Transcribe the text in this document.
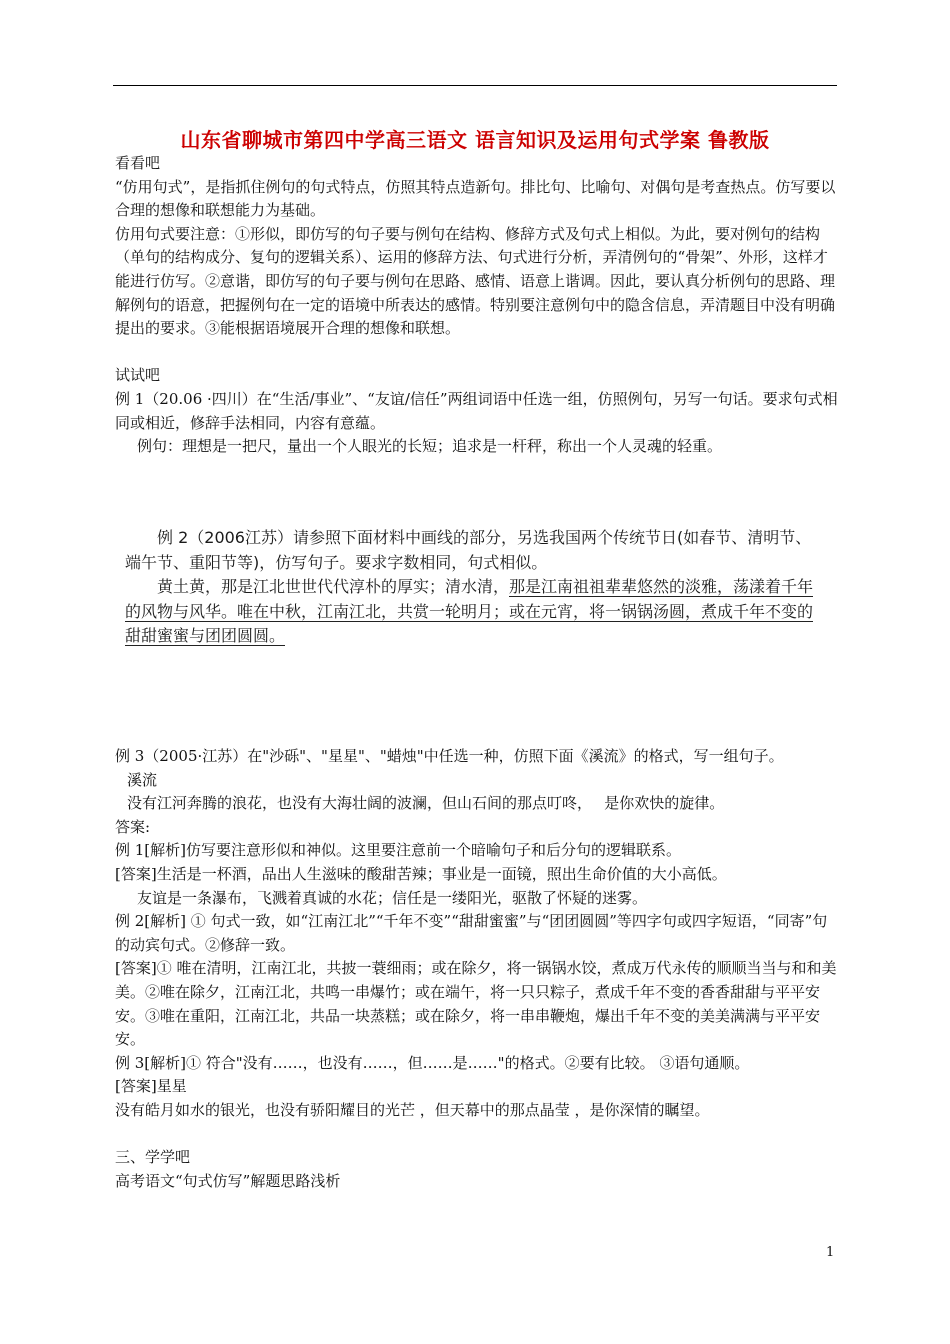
山东省聊城市第四中学高三语文 语言知识及运用句式学案 鲁教版

看看吧

“仿用句式”，是指抓住例句的句式特点，仿照其特点造新句。排比句、比喻句、对偶句是考查热点。仿写要以合理的想像和联想能力为基础。

仿用句式要注意：①形似，即仿写的句子要与例句在结构、修辞方式及句式上相似。为此，要对例句的结构（单句的结构成分、复句的逻辑关系）、运用的修辞方法、句式进行分析，弄清例句的“骨架”、外形，这样才能进行仿写。②意谐，即仿写的句子要与例句在思路、感情、语意上谐调。因此，要认真分析例句的思路、理解例句的语意，把握例句在一定的语境中所表达的感情。特别要注意例句中的隐含信息，弄清题目中没有明确提出的要求。③能根据语境展开合理的想像和联想。

试试吧

例 1（20.06 ·四川）在“生活/事业”、“友谊/信任”两组词语中任选一组，仿照例句，另写一句话。要求句式相同或相近，修辞手法相同，内容有意蕴。

例句：理想是一把尺，量出一个人眼光的长短；追求是一杆秤，称出一个人灵魂的轻重。

例 2（2006江苏）请参照下面材料中画线的部分，另选我国两个传统节日(如春节、清明节、

端午节、重阳节等)，仿写句子。要求字数相同，句式相似。

黄土黄，那是江北世世代代淳朴的厚实；清水清，那是江南祖祖辈辈悠然的淡雅，荡漾着千年

的风物与风华。唯在中秋，江南江北，共赏一轮明月；或在元宵，将一锅锅汤圆，煮成千年不变的

甜甜蜜蜜与团团圆圆。

例 3（2005·江苏）在"沙砾"、"星星"、"蜡烛"中任选一种，仿照下面《溪流》的格式，写一组句子。

溪流

没有江河奔腾的浪花，也没有大海壮阔的波澜，但山石间的那点叮咚，　 是你欢快的旋律。

答案:

例 1[解析]仿写要注意形似和神似。这里要注意前一个暗喻句子和后分句的逻辑联系。

[答案]生活是一杯酒，品出人生滋味的酸甜苦辣；事业是一面镜，照出生命价值的大小高低。

友谊是一条瀑布，飞溅着真诚的水花；信任是一缕阳光，驱散了怀疑的迷雾。

例 2[解析] ① 句式一致，如“江南江北”“千年不变”“甜甜蜜蜜”与“团团圆圆”等四字句或四字短语，“同寄”句的动宾句式。②修辞一致。

[答案]① 唯在清明，江南江北，共披一蓑细雨；或在除夕，将一锅锅水饺，煮成万代永传的顺顺当当与和和美美。②唯在除夕，江南江北，共鸣一串爆竹；或在端午，将一只只粽子，煮成千年不变的香香甜甜与平平安安。③唯在重阳，江南江北，共品一块蒸糕；或在除夕，将一串串鞭炮，爆出千年不变的美美满满与平平安安。

例 3[解析]① 符合"没有……，也没有……，但……是……"的格式。②要有比较。 ③语句通顺。

[答案]星星

没有皓月如水的银光，也没有骄阳耀目的光芒 ，但天幕中的那点晶莹 ，是你深情的瞩望。

三、学学吧

高考语文“句式仿写”解题思路浅析

1
